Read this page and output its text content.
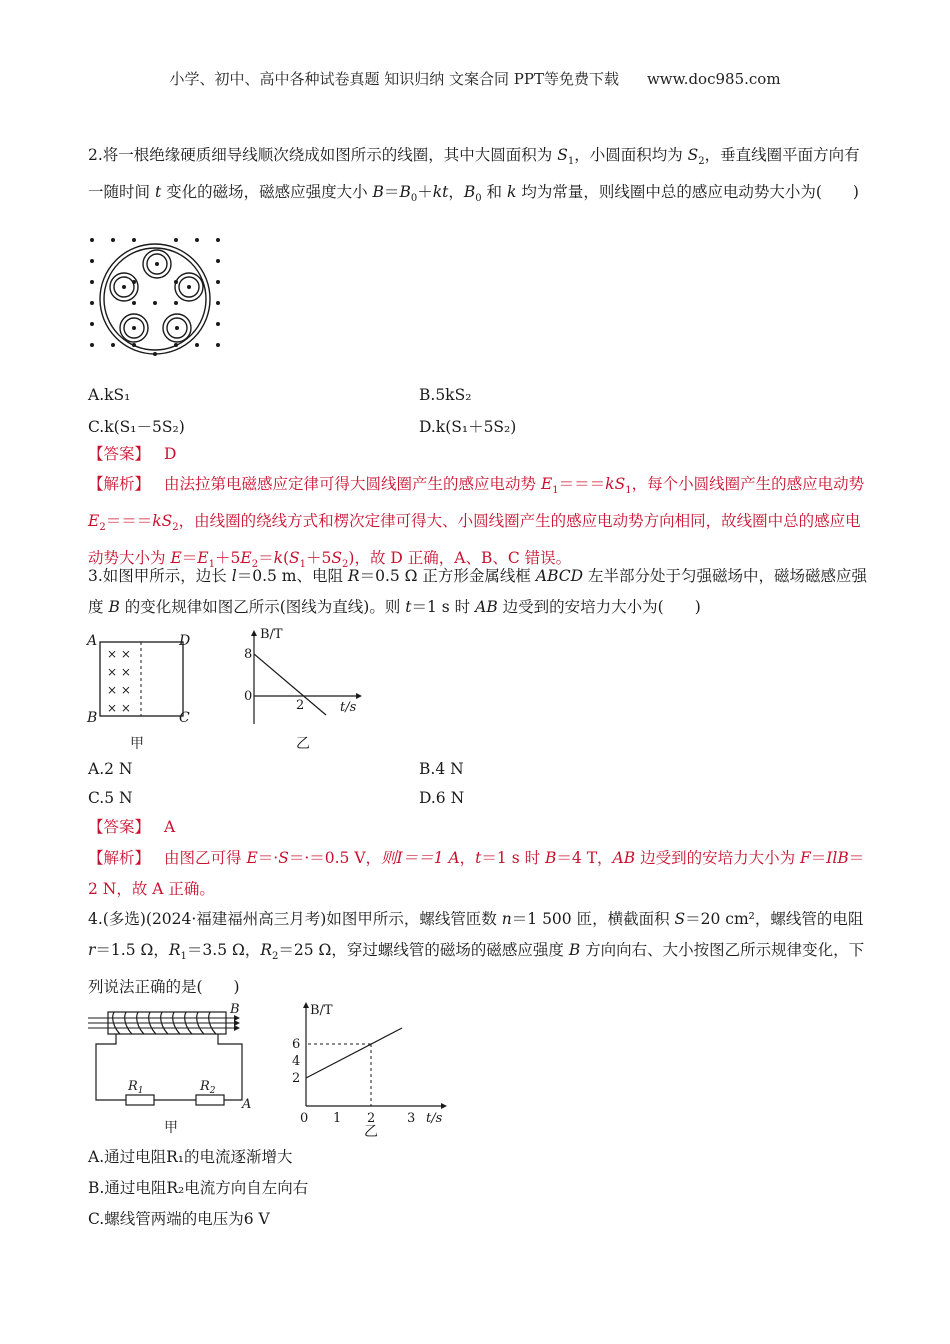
小学、初中、高中各种试卷真题 知识归纳 文案合同 PPT等免费下载 www.doc985.com
2.将一根绝缘硬质细导线顺次绕成如图所示的线圈，其中大圆面积为 $S_1$，小圆面积均为 $S_2$，垂直线圈平面方向有一随时间 t 变化的磁场，磁感应强度大小 $B=B_0+kt$，$B_0$ 和 k 均为常量，则线圈中总的感应电动势大小为(　　)
A.kS₁	B.5kS₂
C.k(S₁－5S₂)	D.k(S₁＋5S₂)
【答案】 D
【解析】 由法拉第电磁感应定律可得大圆线圈产生的感应电动势 $E_1===kS_1$，每个小圆线圈产生的感应电动势 $E_2===kS_2$，由线圈的绕线方式和楞次定律可得大、小圆线圈产生的感应电动势方向相同，故线圈中总的感应电动势大小为 $E=E_1+5E_2=k(S_1+5S_2)$，故 D 正确，A、B、C 错误。
3.如图甲所示，边长 l＝0.5 m、电阻 R＝0.5 Ω 正方形金属线框 ABCD 左半部分处于匀强磁场中，磁场磁感应强度 B 的变化规律如图乙所示(图线为直线)。则 t＝1 s 时 AB 边受到的安培力大小为(　　)
× ×
× ×
× ×
× ×
A	D
B	C
甲
B/T
8
0
2	t/s
乙
A.2 N	B.4 N
C.5 N	D.6 N
【答案】 A
【解析】 由图乙可得 E＝·S＝·＝0.5 V，则I＝＝1 A，t＝1 s 时 B＝4 T，AB 边受到的安培力大小为 F＝IlB＝2 N，故 A 正确。
4.(多选)(2024·福建福州高三月考)如图甲所示，螺线管匝数 n＝1 500 匝，横截面积 S＝20 cm²，螺线管的电阻 r＝1.5 Ω，$R_1=3.5$ Ω，$R_2=25$ Ω，穿过螺线管的磁场的磁感应强度 B 方向向右、大小按图乙所示规律变化，下列说法正确的是(　　)
B
$R_1$	$R_2$
A
甲
B/T
6
4
2
0 1 2 3 t/s
乙
A.通过电阻R₁的电流逐渐增大
B.通过电阻R₂电流方向自左向右
C.螺线管两端的电压为6 V
